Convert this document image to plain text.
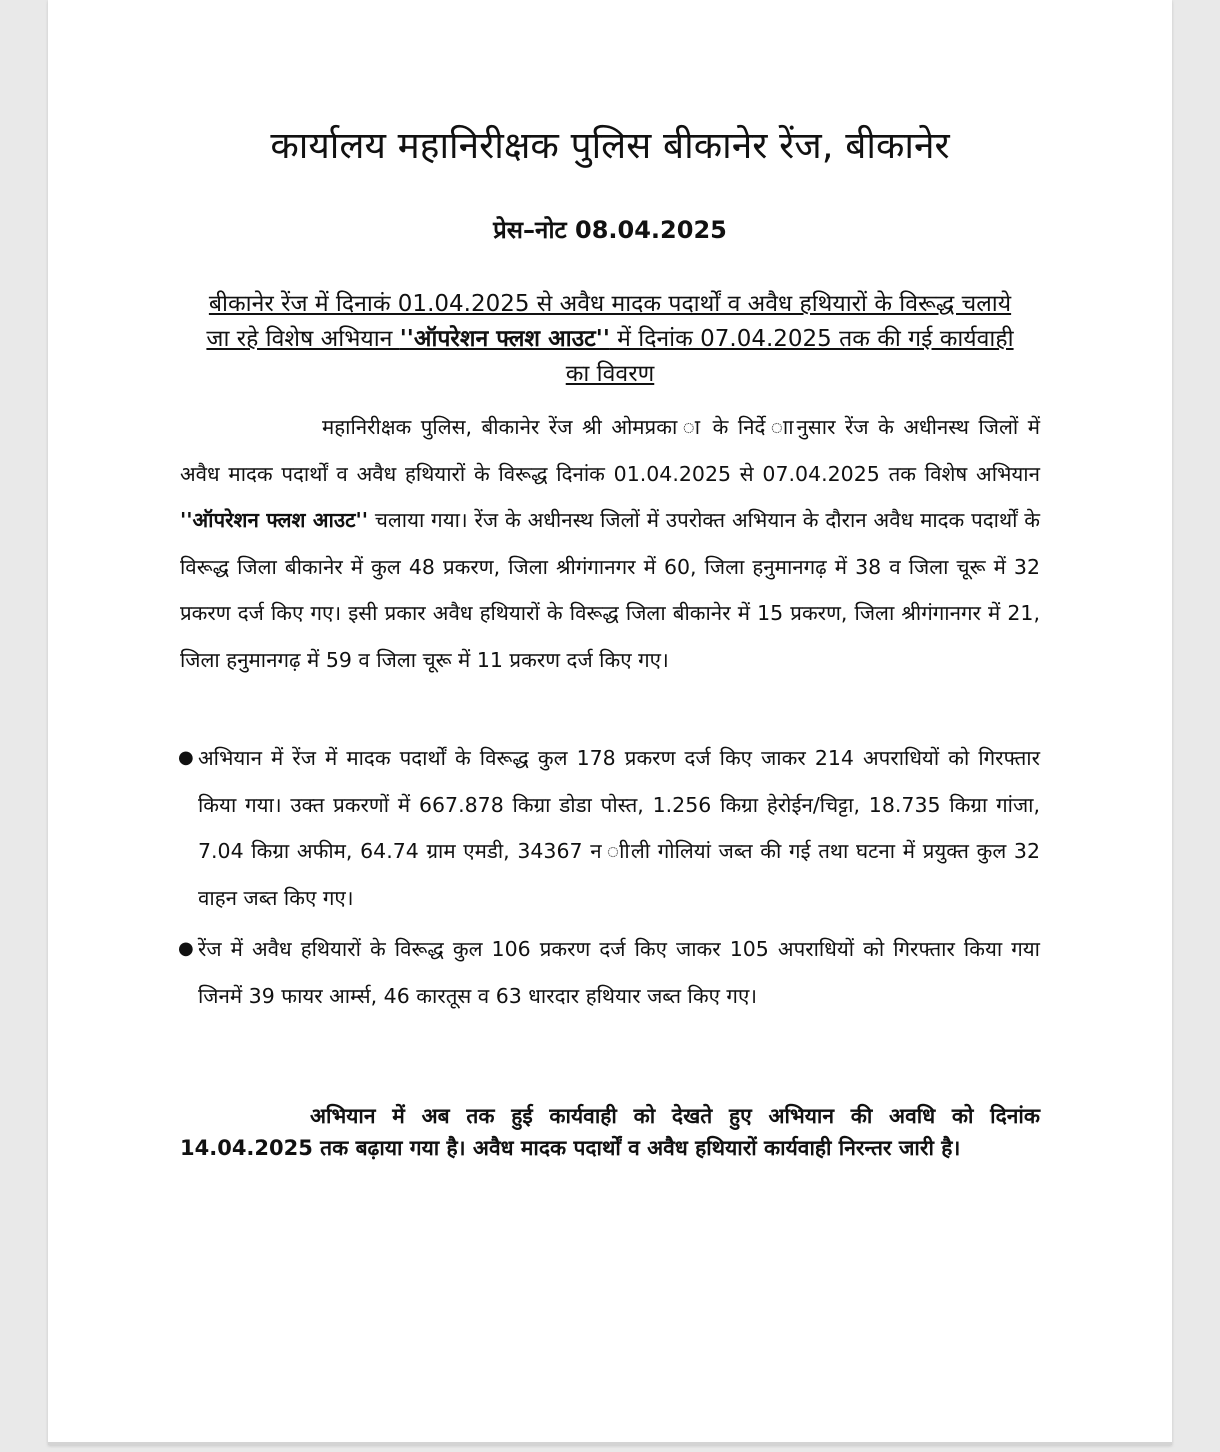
कार्यालय महानिरीक्षक पुलिस बीकानेर रेंज, बीकानेर
प्रेस–नोट 08.04.2025
बीकानेर रेंज में दिनाकं 01.04.2025 से अवैध मादक पदार्थों व अवैध हथियारों के विरूद्ध चलाये जा रहे विशेष अभियान ''ऑपरेशन फ्लश आउट'' में दिनांक 07.04.2025 तक की गई कार्यवाही का विवरण
महानिरीक्षक पुलिस, बीकानेर रेंज श्री ओमप्रका ा के निर्दे ाानुसार रेंज के अधीनस्थ जिलों में अवैध मादक पदार्थों व अवैध हथियारों के विरूद्ध दिनांक 01.04.2025 से 07.04.2025 तक विशेष अभियान ''ऑपरेशन फ्लश आउट'' चलाया गया। रेंज के अधीनस्थ जिलों में उपरोक्त अभियान के दौरान अवैध मादक पदार्थों के विरूद्ध जिला बीकानेर में कुल 48 प्रकरण, जिला श्रीगंगानगर में 60, जिला हनुमानगढ़ में 38 व जिला चूरू में 32 प्रकरण दर्ज किए गए। इसी प्रकार अवैध हथियारों के विरूद्ध जिला बीकानेर में 15 प्रकरण, जिला श्रीगंगानगर में 21, जिला हनुमानगढ़ में 59 व जिला चूरू में 11 प्रकरण दर्ज किए गए।
● अभियान में रेंज में मादक पदार्थों के विरूद्ध कुल 178 प्रकरण दर्ज किए जाकर 214 अपराधियों को गिरफ्तार किया गया। उक्त प्रकरणों में 667.878 किग्रा डोडा पोस्त, 1.256 किग्रा हेरोईन/चिट्टा, 18.735 किग्रा गांजा, 7.04 किग्रा अफीम, 64.74 ग्राम एमडी, 34367 न ाीली गोलियां जब्त की गई तथा घटना में प्रयुक्त कुल 32 वाहन जब्त किए गए।
● रेंज में अवैध हथियारों के विरूद्ध कुल 106 प्रकरण दर्ज किए जाकर 105 अपराधियों को गिरफ्तार किया गया जिनमें 39 फायर आर्म्स, 46 कारतूस व 63 धारदार हथियार जब्त किए गए।
अभियान में अब तक हुई कार्यवाही को देखते हुए अभियान की अवधि को दिनांक 14.04.2025 तक बढ़ाया गया है। अवैध मादक पदार्थों व अवैध हथियारों कार्यवाही निरन्तर जारी है।
